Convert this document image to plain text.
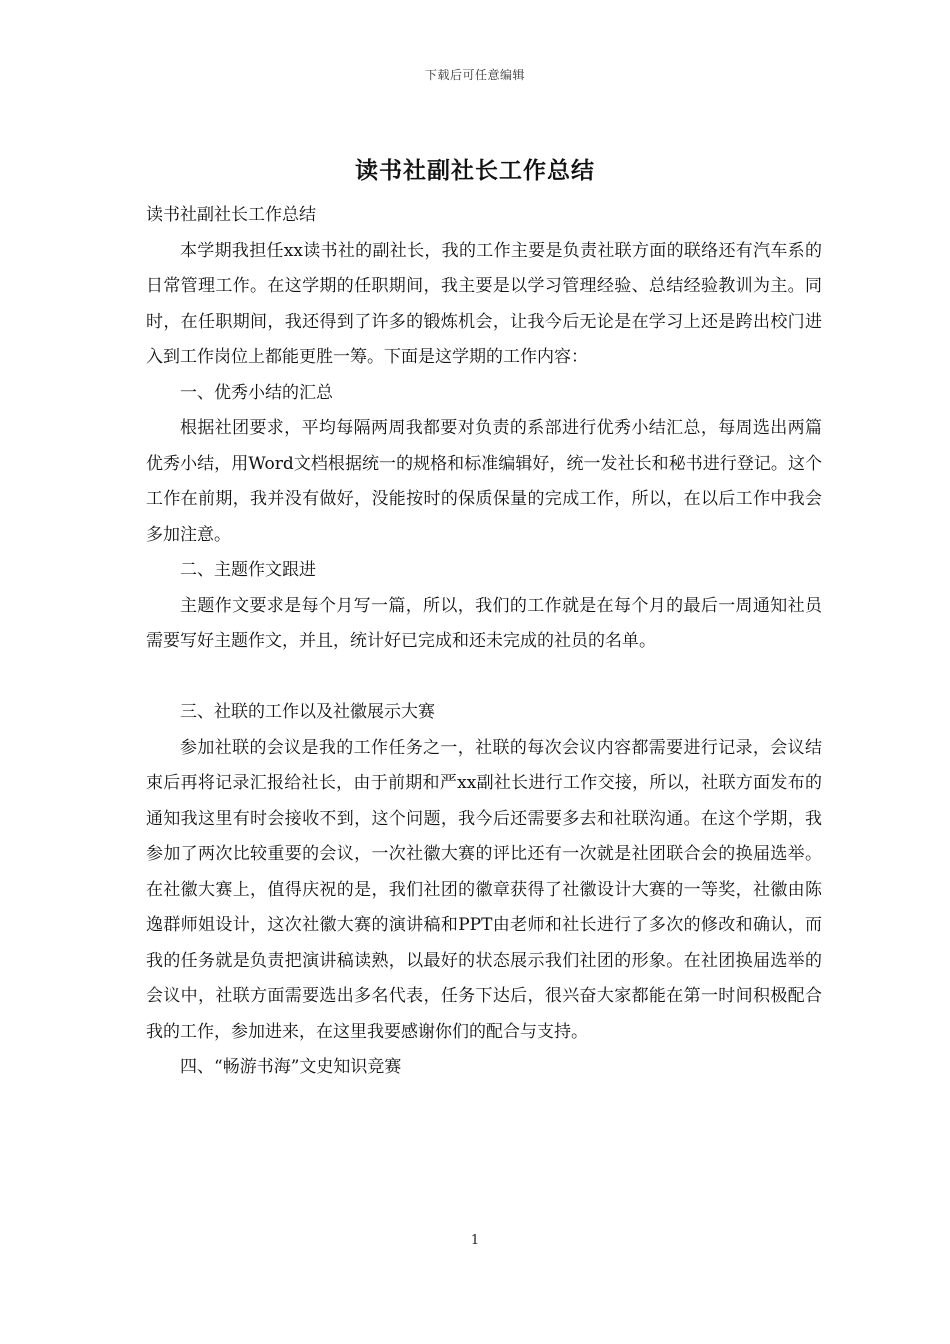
下载后可任意编辑
读书社副社长工作总结

读书社副社长工作总结

本学期我担任xx读书社的副社长，我的工作主要是负责社联方面的联络还有汽车系的日常管理工作。在这学期的任职期间，我主要是以学习管理经验、总结经验教训为主。同时，在任职期间，我还得到了许多的锻炼机会，让我今后无论是在学习上还是跨出校门进入到工作岗位上都能更胜一筹。下面是这学期的工作内容：

一、优秀小结的汇总

根据社团要求，平均每隔两周我都要对负责的系部进行优秀小结汇总，每周选出两篇优秀小结，用Word文档根据统一的规格和标准编辑好，统一发社长和秘书进行登记。这个工作在前期，我并没有做好，没能按时的保质保量的完成工作，所以，在以后工作中我会多加注意。

二、主题作文跟进

主题作文要求是每个月写一篇，所以，我们的工作就是在每个月的最后一周通知社员需要写好主题作文，并且，统计好已完成和还未完成的社员的名单。

三、社联的工作以及社徽展示大赛

参加社联的会议是我的工作任务之一，社联的每次会议内容都需要进行记录，会议结束后再将记录汇报给社长，由于前期和严xx副社长进行工作交接，所以，社联方面发布的通知我这里有时会接收不到，这个问题，我今后还需要多去和社联沟通。在这个学期，我参加了两次比较重要的会议，一次社徽大赛的评比还有一次就是社团联合会的换届选举。在社徽大赛上，值得庆祝的是，我们社团的徽章获得了社徽设计大赛的一等奖，社徽由陈逸群师姐设计，这次社徽大赛的演讲稿和PPT由老师和社长进行了多次的修改和确认，而我的任务就是负责把演讲稿读熟，以最好的状态展示我们社团的形象。在社团换届选举的会议中，社联方面需要选出多名代表，任务下达后，很兴奋大家都能在第一时间积极配合我的工作，参加进来，在这里我要感谢你们的配合与支持。

四、“畅游书海”文史知识竞赛

1
